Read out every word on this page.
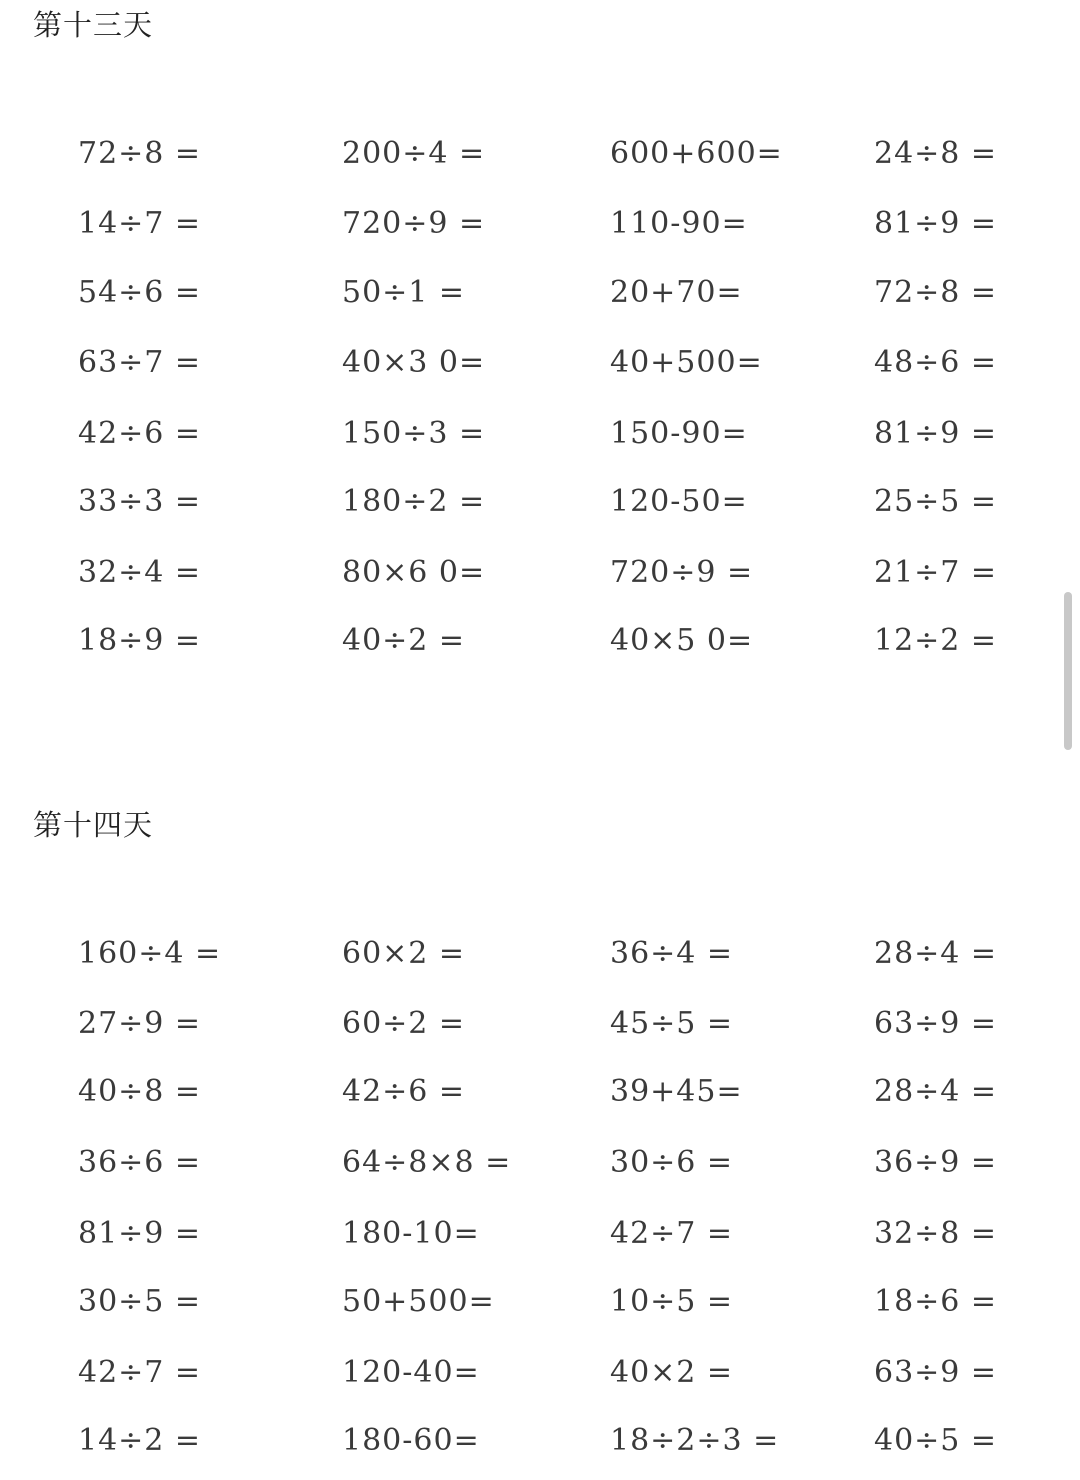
第十三天
第十四天
72÷8 =	200÷4 =	600+600=	24÷8 =
14÷7 =	720÷9 =	110-90=	81÷9 =
54÷6 =	50÷1 =	20+70=	72÷8 =
63÷7 =	40×3 0=	40+500=	48÷6 =
42÷6 =	150÷3 =	150-90=	81÷9 =
33÷3 =	180÷2 =	120-50=	25÷5 =
32÷4 =	80×6 0=	720÷9 =	21÷7 =
18÷9 =	40÷2 =	40×5 0=	12÷2 =
160÷4 =	60×2 =	36÷4 =	28÷4 =
27÷9 =	60÷2 =	45÷5 =	63÷9 =
40÷8 =	42÷6 =	39+45=	28÷4 =
36÷6 =	64÷8×8 =	30÷6 =	36÷9 =
81÷9 =	180-10=	42÷7 =	32÷8 =
30÷5 =	50+500=	10÷5 =	18÷6 =
42÷7 =	120-40=	40×2 =	63÷9 =
14÷2 =	180-60=	18÷2÷3 =	40÷5 =
